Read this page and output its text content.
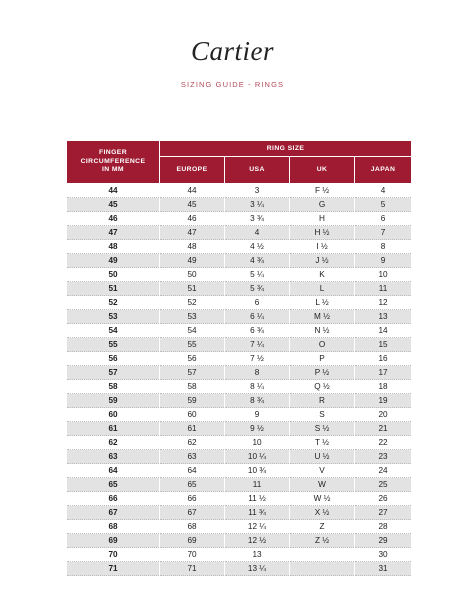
Cartier
SIZING GUIDE - RINGS
FINGER
CIRCUMFERENCE
IN MM	RING SIZE			
	EUROPE	USA	UK	JAPAN
44	44	3	F ½	4
45	45	3 ¼	G	5
46	46	3 ¾	H	6
47	47	4	H ½	7
48	48	4 ½	I ½	8
49	49	4 ¾	J ½	9
50	50	5 ¼	K	10
51	51	5 ¾	L	11
52	52	6	L ½	12
53	53	6 ¼	M ½	13
54	54	6 ¾	N ½	14
55	55	7 ¼	O	15
56	56	7 ½	P	16
57	57	8	P ½	17
58	58	8 ¼	Q ½	18
59	59	8 ¾	R	19
60	60	9	S	20
61	61	9 ½	S ½	21
62	62	10	T ½	22
63	63	10 ¼	U ½	23
64	64	10 ¾	V	24
65	65	11	W	25
66	66	11 ½	W ½	26
67	67	11 ¾	X ½	27
68	68	12 ¼	Z	28
69	69	12 ½	Z ½	29
70	70	13		30
71	71	13 ¼		31
